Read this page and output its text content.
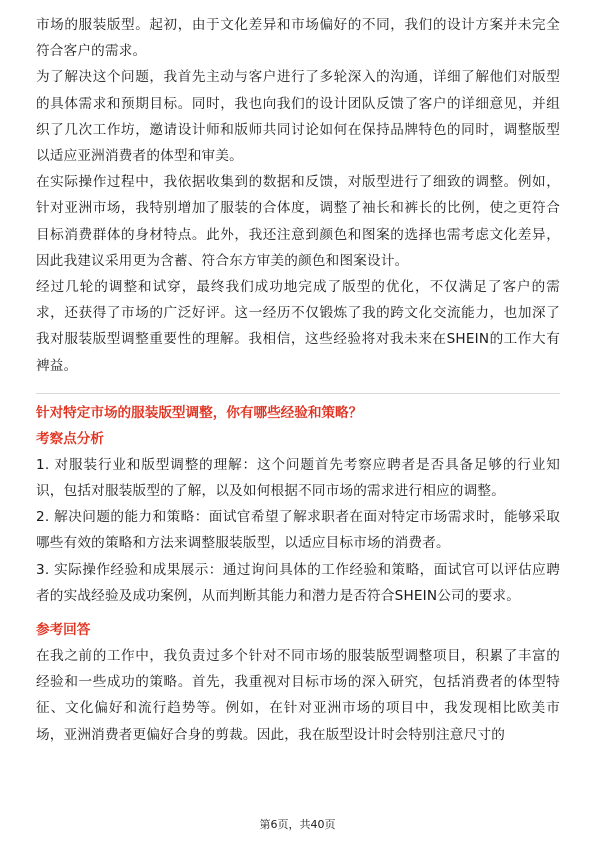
市场的服装版型。起初，由于文化差异和市场偏好的不同，我们的设计方案并未完全符合客户的需求。

为了解决这个问题，我首先主动与客户进行了多轮深入的沟通，详细了解他们对版型的具体需求和预期目标。同时，我也向我们的设计团队反馈了客户的详细意见，并组织了几次工作坊，邀请设计师和版师共同讨论如何在保持品牌特色的同时，调整版型以适应亚洲消费者的体型和审美。

在实际操作过程中，我依据收集到的数据和反馈，对版型进行了细致的调整。例如，针对亚洲市场，我特别增加了服装的合体度，调整了袖长和裤长的比例，使之更符合目标消费群体的身材特点。此外，我还注意到颜色和图案的选择也需考虑文化差异，因此我建议采用更为含蓄、符合东方审美的颜色和图案设计。

经过几轮的调整和试穿，最终我们成功地完成了版型的优化，不仅满足了客户的需求，还获得了市场的广泛好评。这一经历不仅锻炼了我的跨文化交流能力，也加深了我对服装版型调整重要性的理解。我相信，这些经验将对我未来在SHEIN的工作大有裨益。

针对特定市场的服装版型调整，你有哪些经验和策略？

考察点分析

1. 对服装行业和版型调整的理解：这个问题首先考察应聘者是否具备足够的行业知识，包括对服装版型的了解，以及如何根据不同市场的需求进行相应的调整。

2. 解决问题的能力和策略：面试官希望了解求职者在面对特定市场需求时，能够采取哪些有效的策略和方法来调整服装版型，以适应目标市场的消费者。

3. 实际操作经验和成果展示：通过询问具体的工作经验和策略，面试官可以评估应聘者的实战经验及成功案例，从而判断其能力和潜力是否符合SHEIN公司的要求。

参考回答

在我之前的工作中，我负责过多个针对不同市场的服装版型调整项目，积累了丰富的经验和一些成功的策略。首先，我重视对目标市场的深入研究，包括消费者的体型特征、文化偏好和流行趋势等。例如，在针对亚洲市场的项目中，我发现相比欧美市场，亚洲消费者更偏好合身的剪裁。因此，我在版型设计时会特别注意尺寸的

第6页，共40页
